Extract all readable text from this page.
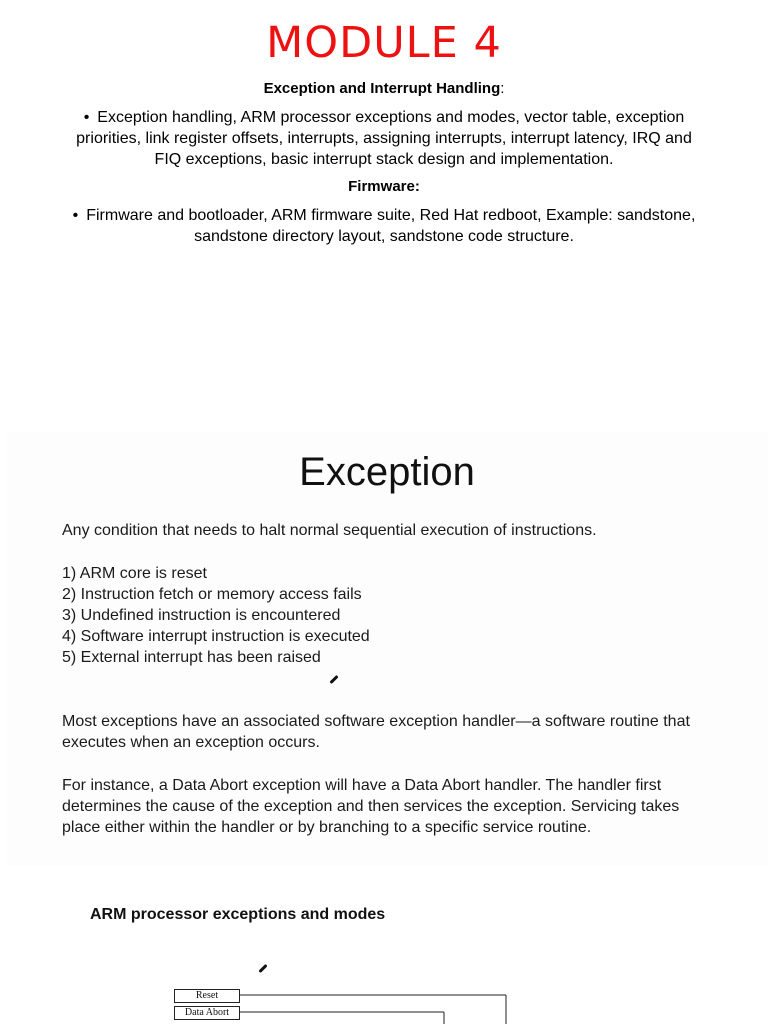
MODULE 4
Exception and Interrupt Handling:
• Exception handling, ARM processor exceptions and modes, vector table, exception
priorities, link register offsets, interrupts, assigning interrupts, interrupt latency, IRQ and
FIQ exceptions, basic interrupt stack design and implementation.
Firmware:
• Firmware and bootloader, ARM firmware suite, Red Hat redboot, Example: sandstone,
sandstone directory layout, sandstone code structure.
Exception
Any condition that needs to halt normal sequential execution of instructions.
1) ARM core is reset
2) Instruction fetch or memory access fails
3) Undefined instruction is encountered
4) Software interrupt instruction is executed
5) External interrupt has been raised
Most exceptions have an associated software exception handler—a software routine that
executes when an exception occurs.
For instance, a Data Abort exception will have a Data Abort handler. The handler first
determines the cause of the exception and then services the exception. Servicing takes
place either within the handler or by branching to a specific service routine.
ARM processor exceptions and modes
Reset
Data Abort
